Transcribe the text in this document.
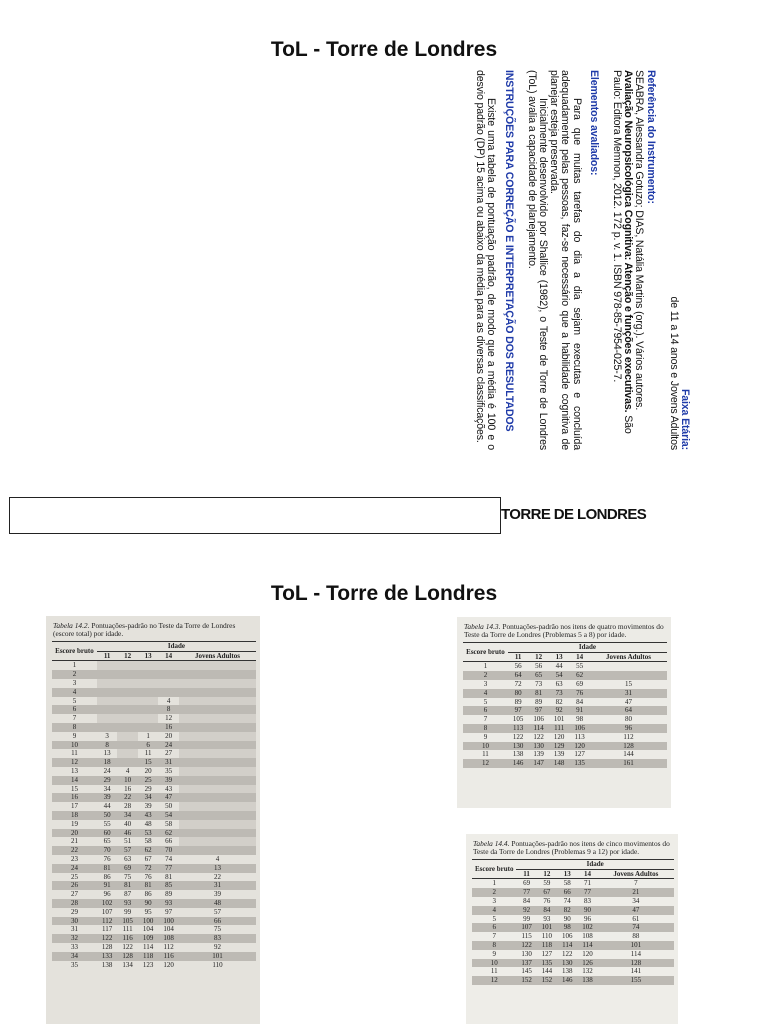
ToL - Torre de Londres

Faixa Etária:

de 11 a 14 anos e Jovens Adultos

Referência do Instrumento:

SEABRA, Alessandra Gotuzo; DIAS, Natália Martins (org.). Vários autores. Avaliação Neuropsicológica Cognitiva: Atenção e funções executivas. São Paulo: Editora Memnon, 2012. 172 p. v. 1. ISBN 978-85-7954-025-7.

Elementos avaliados:

Para que muitas tarefas do dia a dia sejam executas e concluída adequadamente pelas pessoas, faz-se necessário que a habilidade cognitiva de planejar esteja preservada.

Inicialmente desenvolvido por Shallice (1982), o Teste de Torre de Londres (ToL) avalia a capacidade de planejamento.

INSTRUÇÕES PARA CORREÇÃO E INTERPRETAÇÃO DOS RESULTADOS

Existe uma tabela de pontuação padrão, de modo que a média é 100 e o desvio padrão (DP) 15 acima ou abaixo da média para as diversas classificações.

TORRE DE LONDRES
ToL - Torre de Londres
Tabela 14.2. Pontuações-padrão no Teste da Torre de Londres (escore total) por idade.
Escore bruto	Idade				
	11	12	13	14	Jovens Adultos
1					
2					
3					
4					
5				4	
6				8	
7				12	
8				16	
9	3		1	20	
10	8		6	24	
11	13		11	27	
12	18		15	31	
13	24	4	20	35	
14	29	10	25	39	
15	34	16	29	43	
16	39	22	34	47	
17	44	28	39	50	
18	50	34	43	54	
19	55	40	48	58	
20	60	46	53	62	
21	65	51	58	66	
22	70	57	62	70	
23	76	63	67	74	4
24	81	69	72	77	13
25	86	75	76	81	22
26	91	81	81	85	31
27	96	87	86	89	39
28	102	93	90	93	48
29	107	99	95	97	57
30	112	105	100	100	66
31	117	111	104	104	75
32	122	116	109	108	83
33	128	122	114	112	92
34	133	128	118	116	101
35	138	134	123	120	110
Tabela 14.3. Pontuações-padrão nos itens de quatro movimentos do Teste da Torre de Londres (Problemas 5 a 8) por idade.
Escore bruto	Idade				
	11	12	13	14	Jovens Adultos
1	56	56	44	55	
2	64	65	54	62	
3	72	73	63	69	15
4	80	81	73	76	31
5	89	89	82	84	47
6	97	97	92	91	64
7	105	106	101	98	80
8	113	114	111	106	96
9	122	122	120	113	112
10	130	130	129	120	128
11	138	139	139	127	144
12	146	147	148	135	161
Tabela 14.4. Pontuações-padrão nos itens de cinco movimentos do Teste da Torre de Londres (Problemas 9 a 12) por idade.
Escore bruto	Idade				
	11	12	13	14	Jovens Adultos
1	69	59	58	71	7
2	77	67	66	77	21
3	84	76	74	83	34
4	92	84	82	90	47
5	99	93	90	96	61
6	107	101	98	102	74
7	115	110	106	108	88
8	122	118	114	114	101
9	130	127	122	120	114
10	137	135	130	126	128
11	145	144	138	132	141
12	152	152	146	138	155
